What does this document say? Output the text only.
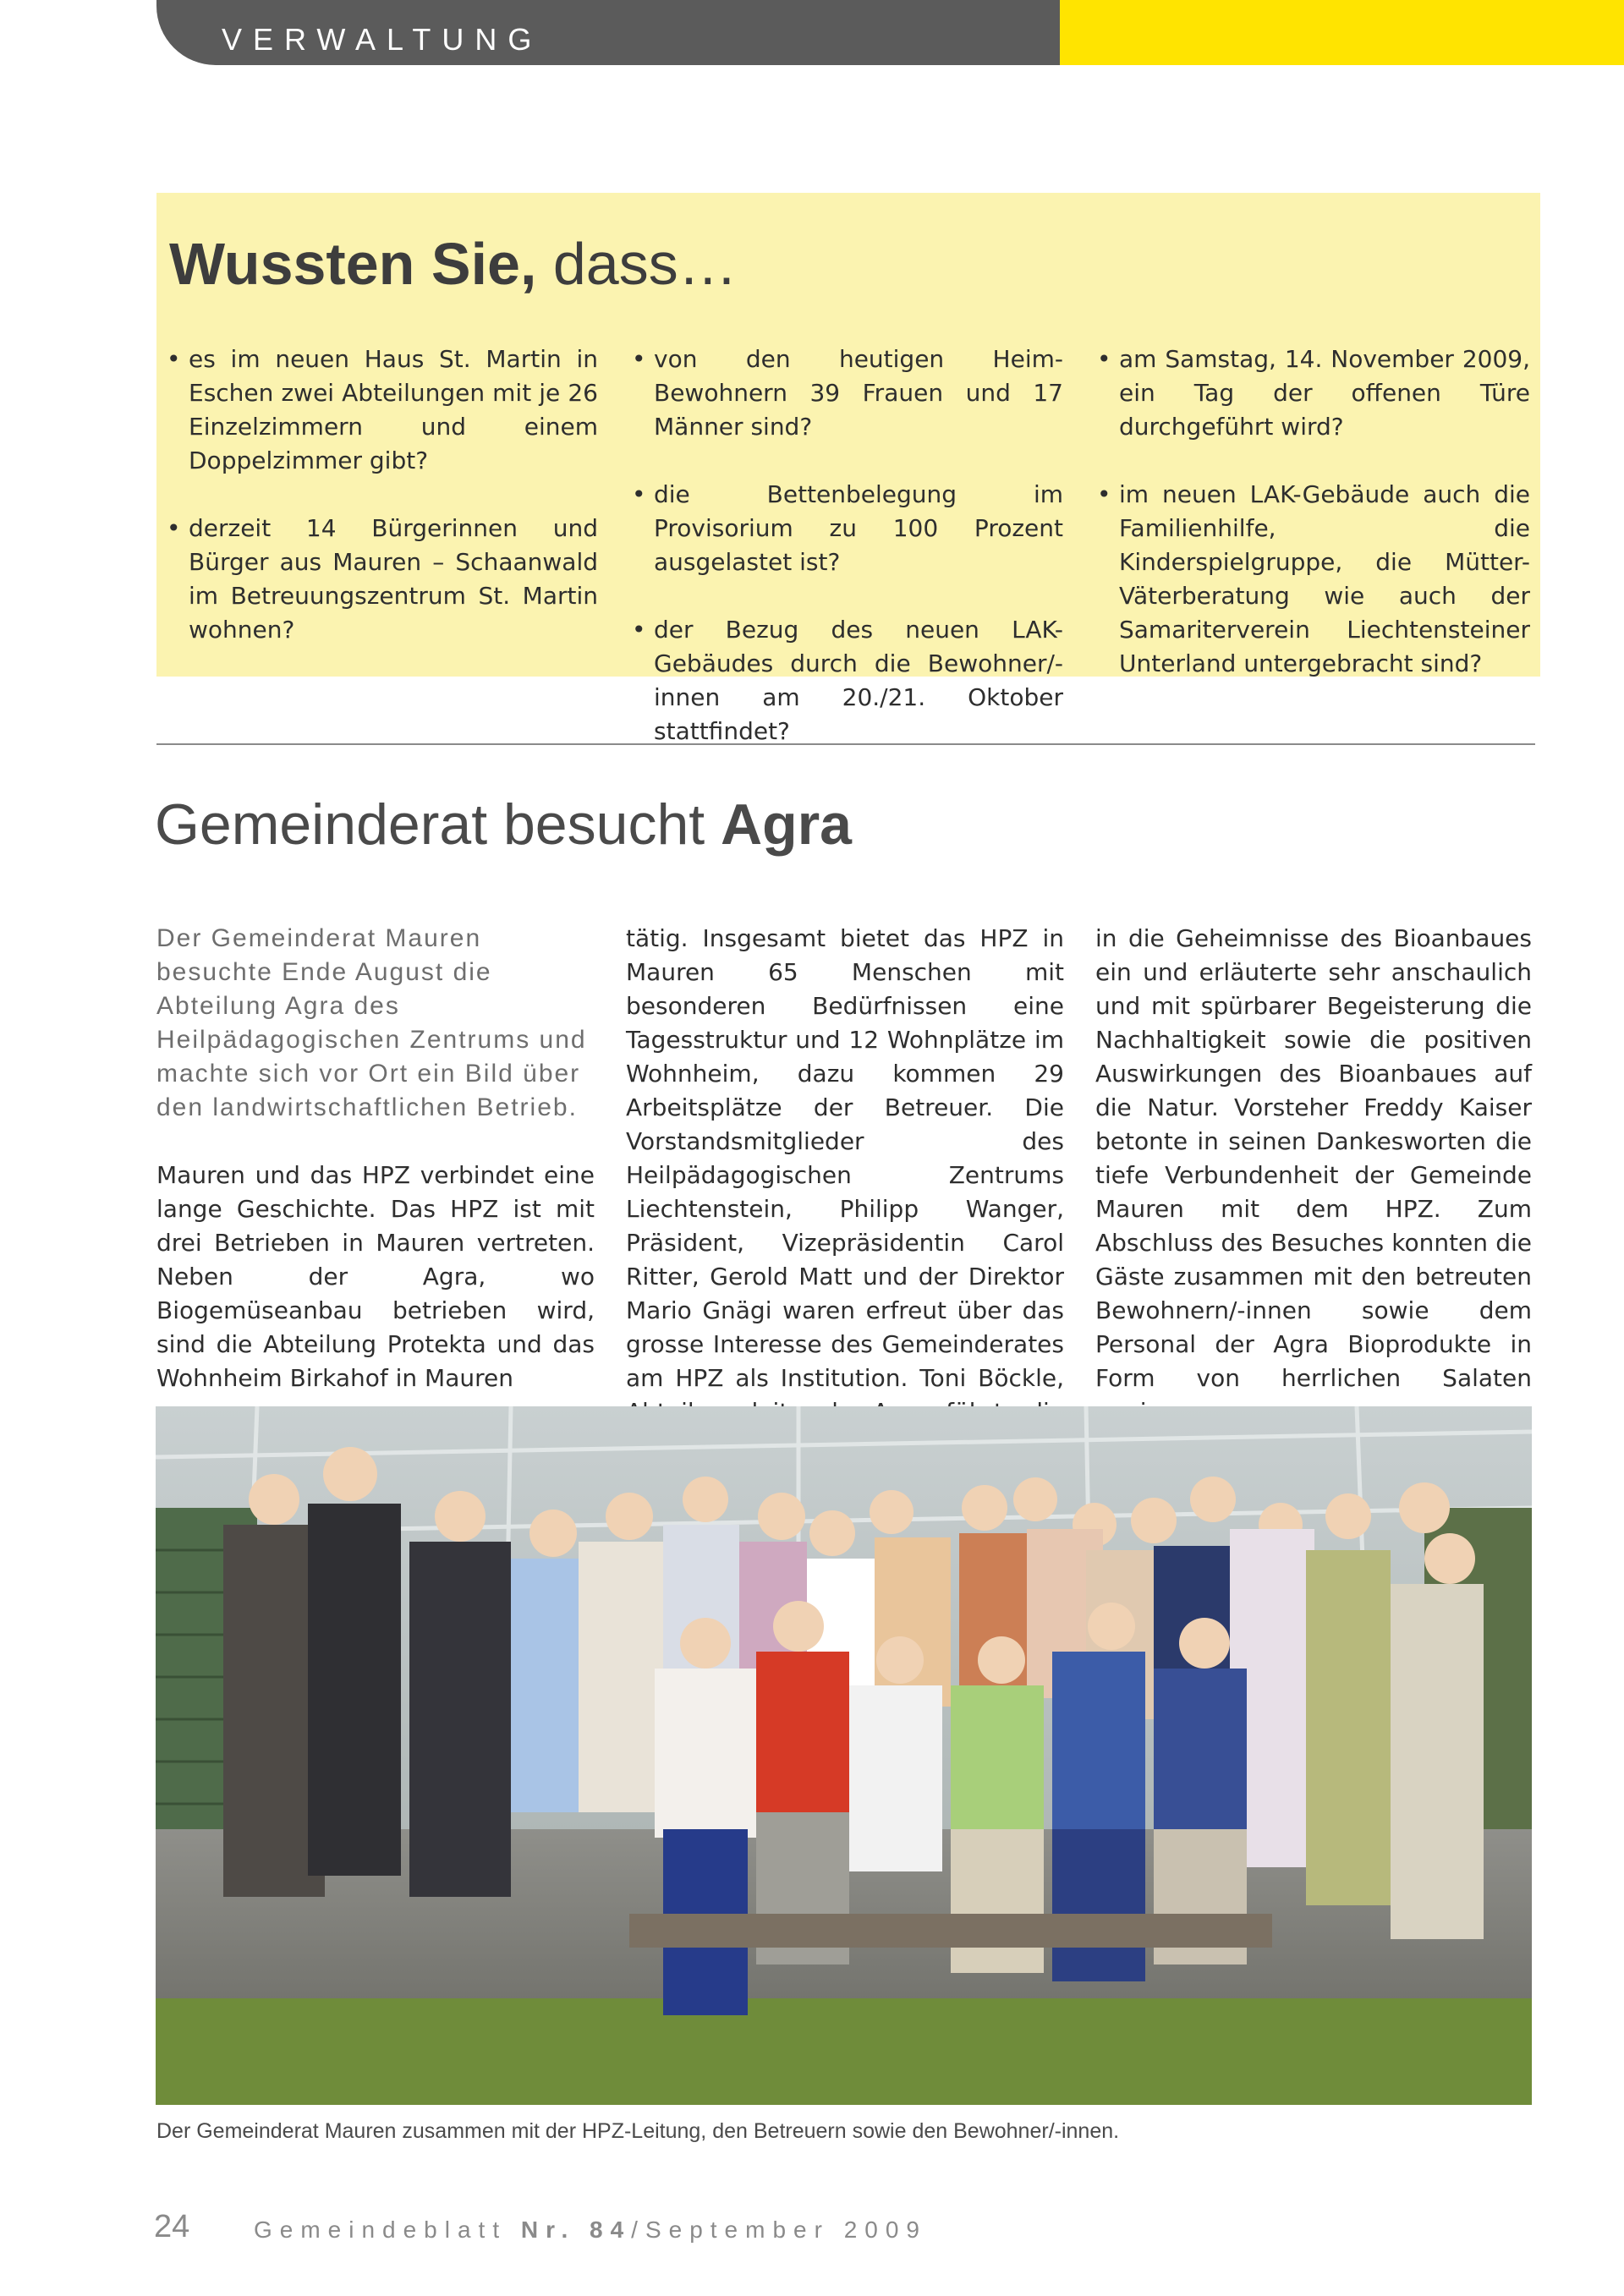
VERWALTUNG
Wussten Sie, dass…
• es im neuen Haus St. Martin in Eschen zwei Abteilungen mit je 26 Einzelzimmern und einem Doppelzimmer gibt?
• derzeit 14 Bürgerinnen und Bürger aus Mauren – Schaanwald im Betreuungszentrum St. Martin wohnen?
• von den heutigen Heim-Bewohnern 39 Frauen und 17 Männer sind?
• die Bettenbelegung im Provisorium zu 100 Prozent ausgelastet ist?
• der Bezug des neuen LAK-Gebäudes durch die Bewohner/-innen am 20./21. Oktober stattfindet?
• am Samstag, 14. November 2009, ein Tag der offenen Türe durchgeführt wird?
• im neuen LAK-Gebäude auch die Familienhilfe, die Kinderspielgruppe, die Mütter-Väterberatung wie auch der Samariterverein Liechtensteiner Unterland untergebracht sind?
Gemeinderat besucht Agra

Der Gemeinderat Mauren besuchte Ende August die Abteilung Agra des Heilpädagogischen Zentrums und machte sich vor Ort ein Bild über den landwirtschaftlichen Betrieb.

Mauren und das HPZ verbindet eine lange Geschichte. Das HPZ ist mit drei Betrieben in Mauren vertreten. Neben der Agra, wo Biogemüseanbau betrieben wird, sind die Abteilung Protekta und das Wohnheim Birkahof in Mauren

tätig. Insgesamt bietet das HPZ in Mauren 65 Menschen mit besonderen Bedürfnissen eine Tagesstruktur und 12 Wohnplätze im Wohnheim, dazu kommen 29 Arbeitsplätze der Betreuer. Die Vorstandsmitglieder des Heilpädagogischen Zentrums Liechtenstein, Philipp Wanger, Präsident, Vizepräsidentin Carol Ritter, Gerold Matt und der Direktor Mario Gnägi waren erfreut über das grosse Interesse des Gemeinderates am HPZ als Institution. Toni Böckle,

in die Geheimnisse des Bioanbaues ein und erläuterte sehr anschaulich und mit spürbarer Begeisterung die Nachhaltigkeit sowie die positiven Auswirkungen des Bioanbaues auf die Natur. Vorsteher Freddy Kaiser betonte in seinen Dankesworten die tiefe Verbundenheit der Gemeinde Mauren mit dem HPZ. Zum Abschluss des Besuches konnten die Gäste zusammen mit den betreuten Bewohnern/-innen sowie dem Personal der Agra Bioprodukte in Form von herrlichen Salaten

Der Gemeinderat Mauren zusammen mit der HPZ-Leitung, den Betreuern sowie den Bewohner/-innen.
24	Gemeindeblatt Nr. 84/September 2009
